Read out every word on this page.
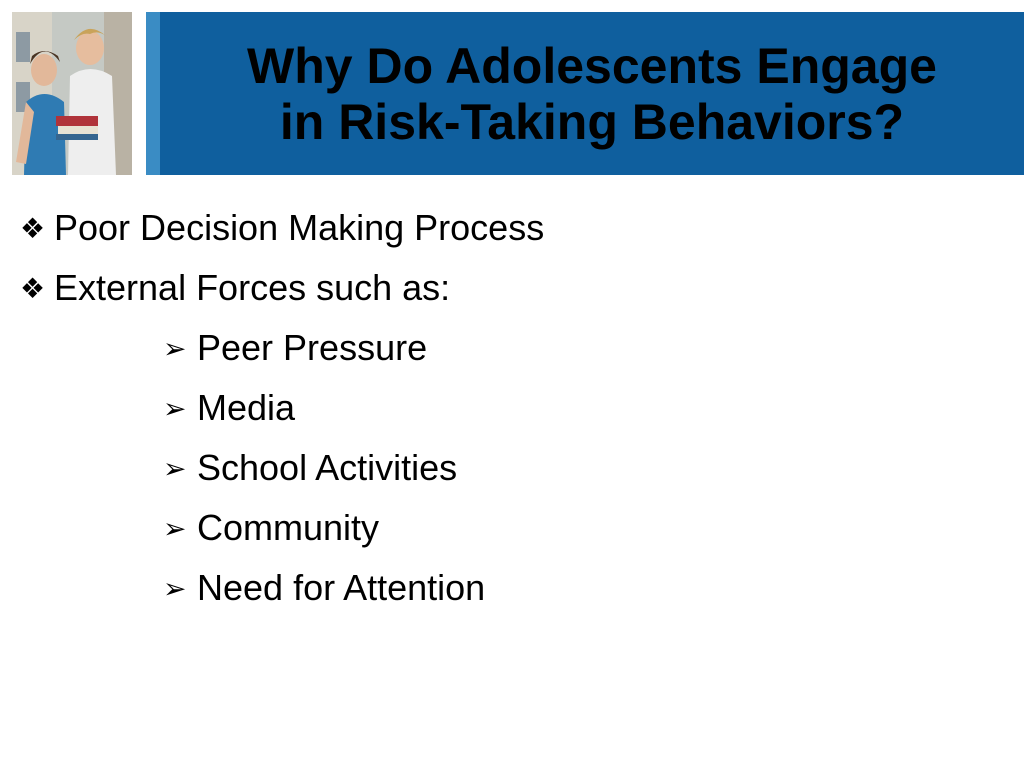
Why Do Adolescents Engage
in Risk-Taking Behaviors?
❖ Poor Decision Making Process
❖ External Forces such as:
➢ Peer Pressure
➢ Media
➢ School Activities
➢ Community
➢ Need for Attention
